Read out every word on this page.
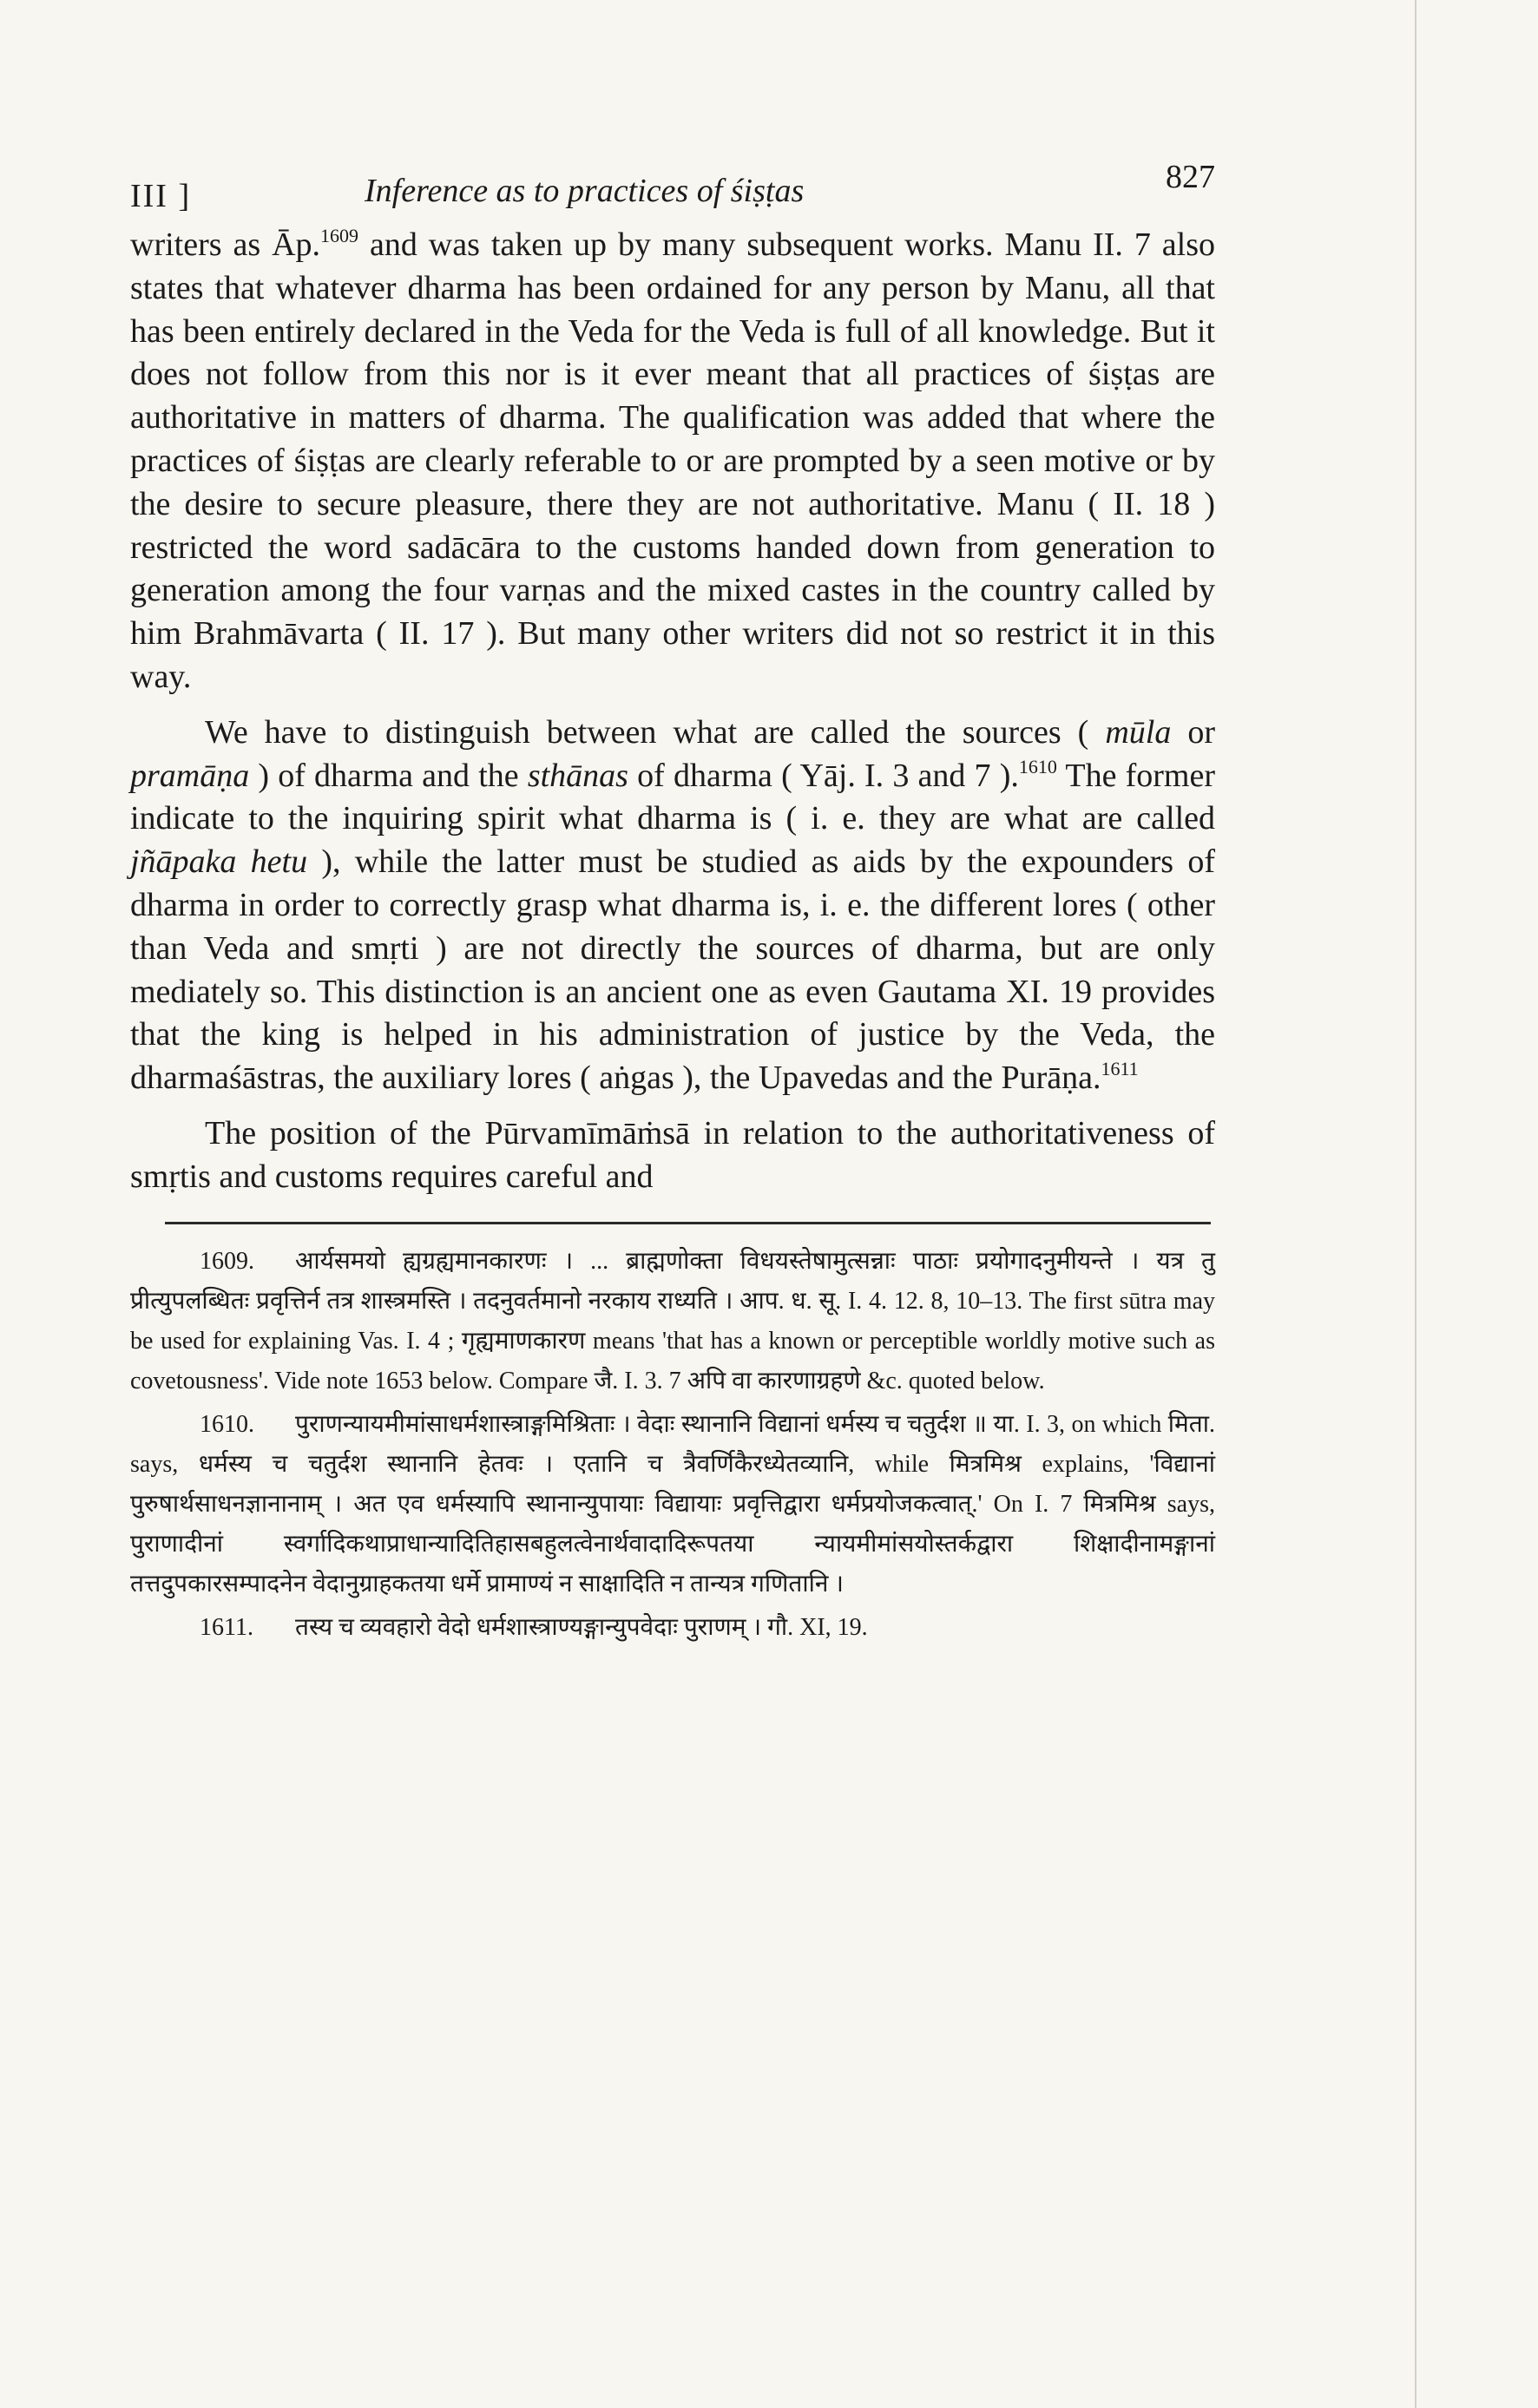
III ]	Inference as to practices of śiṣṭas	827

writers as Āp.$^{1609}$ and was taken up by many subsequent works. Manu II. 7 also states that whatever dharma has been ordained for any person by Manu, all that has been entirely declared in the Veda for the Veda is full of all knowledge. But it does not follow from this nor is it ever meant that all practices of śiṣṭas are authoritative in matters of dharma. The qualification was added that where the practices of śiṣṭas are clearly referable to or are prompted by a seen motive or by the desire to secure pleasure, there they are not authoritative. Manu ( II. 18 ) restricted the word sadācāra to the customs handed down from generation to generation among the four varṇas and the mixed castes in the country called by him Brahmāvarta ( II. 17 ). But many other writers did not so restrict it in this way.

We have to distinguish between what are called the sources ( mūla or pramāṇa ) of dharma and the sthānas of dharma ( Yāj. I. 3 and 7 ).$^{1610}$ The former indicate to the inquiring spirit what dharma is ( i. e. they are what are called jñāpaka hetu ), while the latter must be studied as aids by the expounders of dharma in order to correctly grasp what dharma is, i. e. the different lores ( other than Veda and smṛti ) are not directly the sources of dharma, but are only mediately so. This distinction is an ancient one as even Gautama XI. 19 provides that the king is helped in his administration of justice by the Veda, the dharmaśāstras, the auxiliary lores ( aṅgas ), the Upavedas and the Purāṇa.$^{1611}$

The position of the Pūrvamīmāṁsā in relation to the authoritativeness of smṛtis and customs requires careful and

1609. आर्यसमयो ह्यग्रह्यमानकारणः । ... ब्राह्मणोक्ता विधयस्तेषामुत्सन्नाः पाठाः प्रयोगादनुमीयन्ते । यत्र तु प्रीत्युपलब्धितः प्रवृत्तिर्न तत्र शास्त्रमस्ति । तदनुवर्तमानो नरकाय राध्यति । आप. ध. सू. I. 4. 12. 8, 10–13. The first sūtra may be used for explaining Vas. I. 4 ; गृह्यमाणकारण means 'that has a known or perceptible worldly motive such as covetousness'. Vide note 1653 below. Compare जै. I. 3. 7 अपि वा कारणाग्रहणे &c. quoted below.

1610. पुराणन्यायमीमांसाधर्मशास्त्राङ्गमिश्रिताः । वेदाः स्थानानि विद्यानां धर्मस्य च चतुर्दश ॥ या. I. 3, on which मिता. says, धर्मस्य च चतुर्दश स्थानानि हेतवः । एतानि च त्रैवर्णिकैरध्येतव्यानि, while मित्रमिश्र explains, 'विद्यानां पुरुषार्थसाधनज्ञानानाम् । अत एव धर्मस्यापि स्थानान्युपायाः विद्यायाः प्रवृत्तिद्वारा धर्मप्रयोजकत्वात्.' On I. 7 मित्रमिश्र says, पुराणादीनां स्वर्गादिकथाप्राधान्यादितिहासबहुलत्वेनार्थवादादिरूपतया न्यायमीमांसयोस्तर्कद्वारा शिक्षादीनामङ्गानां तत्तदुपकारसम्पादनेन वेदानुग्राहकतया धर्मे प्रामाण्यं न साक्षादिति न तान्यत्र गणितानि ।

1611. तस्य च व्यवहारो वेदो धर्मशास्त्राण्यङ्गान्युपवेदाः पुराणम् । गौ. XI, 19.
